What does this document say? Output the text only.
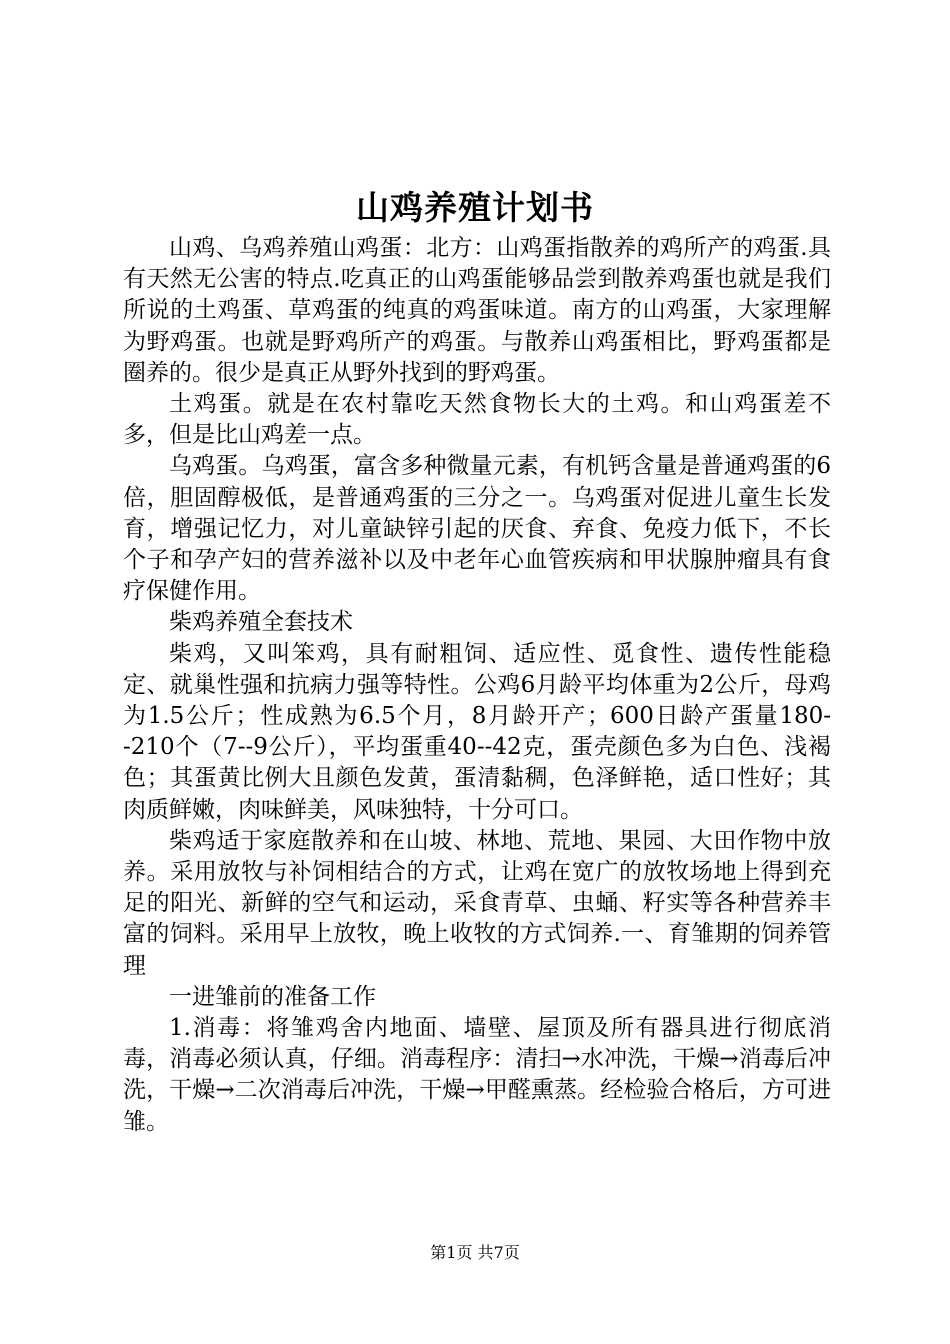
山鸡养殖计划书

山鸡、乌鸡养殖山鸡蛋：北方：山鸡蛋指散养的鸡所产的鸡蛋.具有天然无公害的特点.吃真正的山鸡蛋能够品尝到散养鸡蛋也就是我们所说的土鸡蛋、草鸡蛋的纯真的鸡蛋味道。南方的山鸡蛋，大家理解为野鸡蛋。也就是野鸡所产的鸡蛋。与散养山鸡蛋相比，野鸡蛋都是圈养的。很少是真正从野外找到的野鸡蛋。

土鸡蛋。就是在农村靠吃天然食物长大的土鸡。和山鸡蛋差不多，但是比山鸡差一点。

乌鸡蛋。乌鸡蛋，富含多种微量元素，有机钙含量是普通鸡蛋的6倍，胆固醇极低，是普通鸡蛋的三分之一。乌鸡蛋对促进儿童生长发育，增强记忆力，对儿童缺锌引起的厌食、弃食、免疫力低下，不长个子和孕产妇的营养滋补以及中老年心血管疾病和甲状腺肿瘤具有食疗保健作用。

柴鸡养殖全套技术

柴鸡，又叫笨鸡，具有耐粗饲、适应性、觅食性、遗传性能稳定、就巢性强和抗病力强等特性。公鸡6月龄平均体重为2公斤，母鸡为1.5公斤；性成熟为6.5个月，8月龄开产；600日龄产蛋量180--210个（7--9公斤），平均蛋重40--42克，蛋壳颜色多为白色、浅褐色；其蛋黄比例大且颜色发黄，蛋清黏稠，色泽鲜艳，适口性好；其肉质鲜嫩，肉味鲜美，风味独特，十分可口。

柴鸡适于家庭散养和在山坡、林地、荒地、果园、大田作物中放养。采用放牧与补饲相结合的方式，让鸡在宽广的放牧场地上得到充足的阳光、新鲜的空气和运动，采食青草、虫蛹、籽实等各种营养丰富的饲料。采用早上放牧，晚上收牧的方式饲养.一、育雏期的饲养管理

一进雏前的准备工作

1.消毒：将雏鸡舍内地面、墙壁、屋顶及所有器具进行彻底消毒，消毒必须认真，仔细。消毒程序：清扫→水冲洗，干燥→消毒后冲洗，干燥→二次消毒后冲洗，干燥→甲醛熏蒸。经检验合格后，方可进雏。

第1页 共7页
